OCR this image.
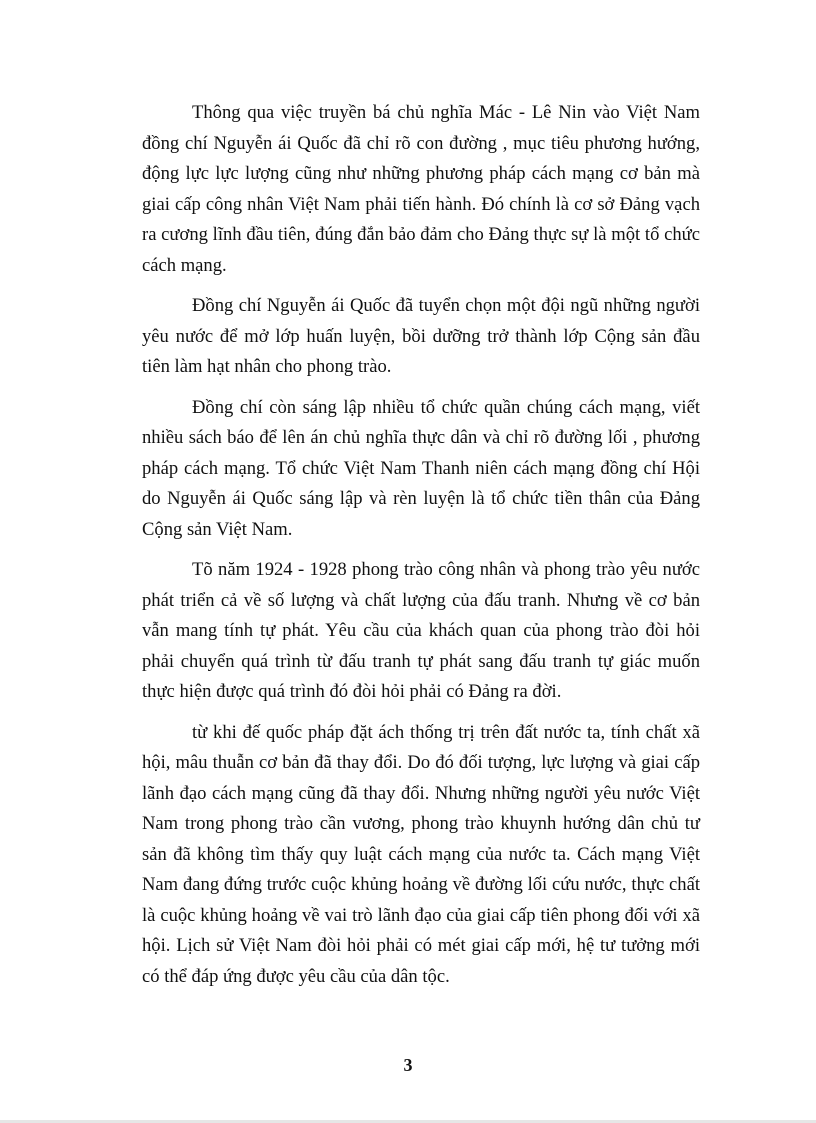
Thông qua việc truyền bá chủ nghĩa Mác - Lê Nin vào Việt Nam đồng chí Nguyễn ái Quốc đã chỉ rõ con đường , mục tiêu phương hướng, động lực lực lượng cũng như những phương pháp cách mạng cơ bản mà giai cấp công nhân Việt Nam phải tiến hành. Đó chính là cơ sở Đảng vạch ra cương lĩnh đầu tiên, đúng đắn bảo đảm cho Đảng thực sự là một tổ chức cách mạng.

Đồng chí Nguyễn ái Quốc đã tuyển chọn một đội ngũ những người yêu nước để mở lớp huấn luyện, bồi dưỡng trở thành lớp Cộng sản đầu tiên làm hạt nhân cho phong trào.

Đồng chí còn sáng lập nhiều tổ chức quần chúng cách mạng, viết nhiều sách báo để lên án chủ nghĩa thực dân và chỉ rõ đường lối , phương pháp cách mạng. Tổ chức Việt Nam Thanh niên cách mạng đồng chí Hội do Nguyễn ái Quốc sáng lập và rèn luyện là tổ chức tiền thân của Đảng Cộng sản Việt Nam.

Tõ năm 1924 - 1928 phong trào công nhân và phong trào yêu nước phát triển cả về số lượng và chất lượng của đấu tranh. Nhưng về cơ bản vẫn mang tính tự phát. Yêu cầu của khách quan của phong trào đòi hỏi phải chuyển quá trình từ đấu tranh tự phát sang đấu tranh tự giác muốn thực hiện được quá trình đó đòi hỏi phải có Đảng ra đời.

từ khi đế quốc pháp đặt ách thống trị trên đất nước ta, tính chất xã hội, mâu thuẫn cơ bản đã thay đổi. Do đó đối tượng, lực lượng và giai cấp lãnh đạo cách mạng cũng đã thay đổi. Nhưng những người yêu nước Việt Nam trong phong trào cần vương, phong trào khuynh hướng dân chủ tư sản đã không tìm thấy quy luật cách mạng của nước ta. Cách mạng Việt Nam đang đứng trước cuộc khủng hoảng về đường lối cứu nước, thực chất là cuộc khủng hoảng về vai trò lãnh đạo của giai cấp tiên phong đối với xã hội. Lịch sử Việt Nam đòi hỏi phải có mét giai cấp mới, hệ tư tưởng mới có thể đáp ứng được yêu cầu của dân tộc.

3
